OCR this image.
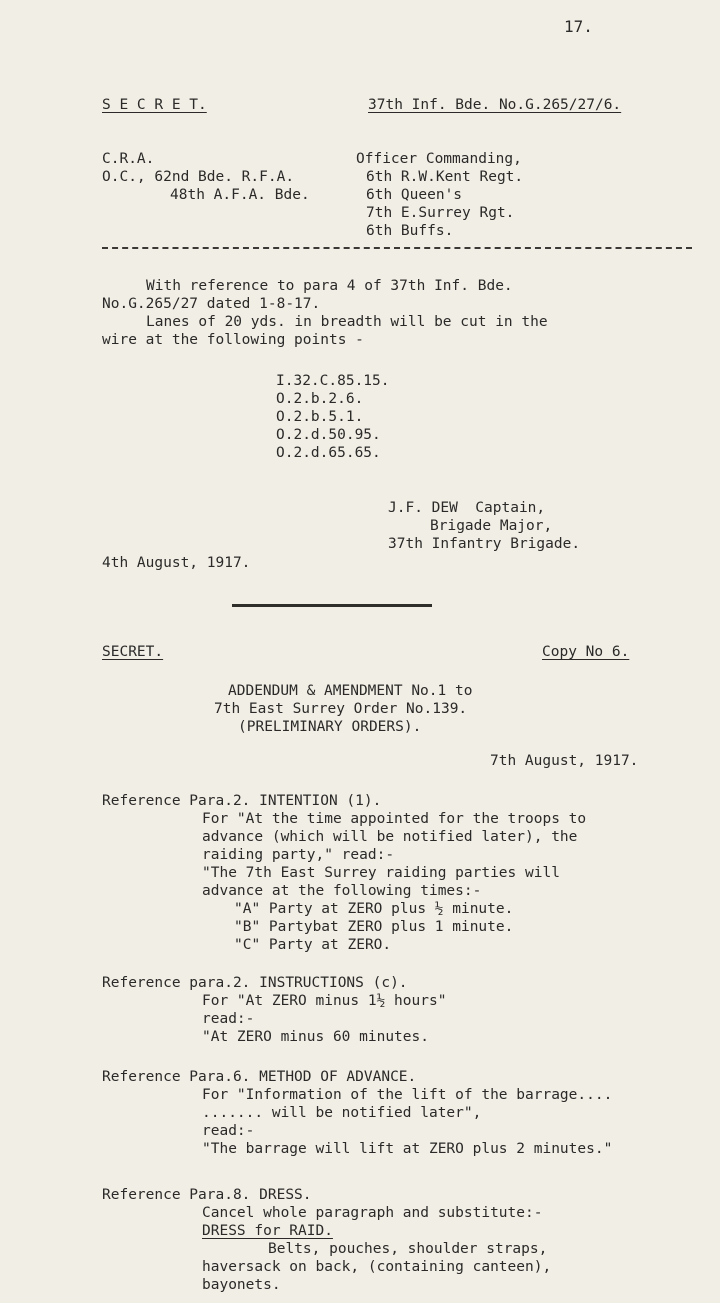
17.
S E C R E T.	37th Inf. Bde. No.G.265/27/6.
C.R.A.
O.C., 62nd Bde. R.F.A.
48th A.F.A. Bde.
Officer Commanding,
6th R.W.Kent Regt.
6th Queen's
7th E.Surrey Rgt.
6th Buffs.
With reference to para 4 of 37th Inf. Bde.
No.G.265/27 dated 1-8-17.
Lanes of 20 yds. in breadth will be cut in the
wire at the following points -
I.32.C.85.15.
O.2.b.2.6.
O.2.b.5.1.
O.2.d.50.95.
O.2.d.65.65.
J.F. DEW  Captain,
Brigade Major,
37th Infantry Brigade.
4th August, 1917.
SECRET.	Copy No 6.
ADDENDUM & AMENDMENT No.1 to
7th East Surrey Order No.139.
(PRELIMINARY ORDERS).
7th August, 1917.
Reference Para.2. INTENTION (1).
For "At the time appointed for the troops to
advance (which will be notified later), the
raiding party," read:-
"The 7th East Surrey raiding parties will
advance at the following times:-
"A" Party at ZERO plus ½ minute.
"B" Partybat ZERO plus 1 minute.
"C" Party at ZERO.
Reference para.2. INSTRUCTIONS (c).
For "At ZERO minus 1½ hours"
read:-
"At ZERO minus 60 minutes.
Reference Para.6. METHOD OF ADVANCE.
For "Information of the lift of the barrage....
....... will be notified later",
read:-
"The barrage will lift at ZERO plus 2 minutes."
Reference Para.8. DRESS.
Cancel whole paragraph and substitute:-
DRESS for RAID.
Belts, pouches, shoulder straps,
haversack on back, (containing canteen),
bayonets.
